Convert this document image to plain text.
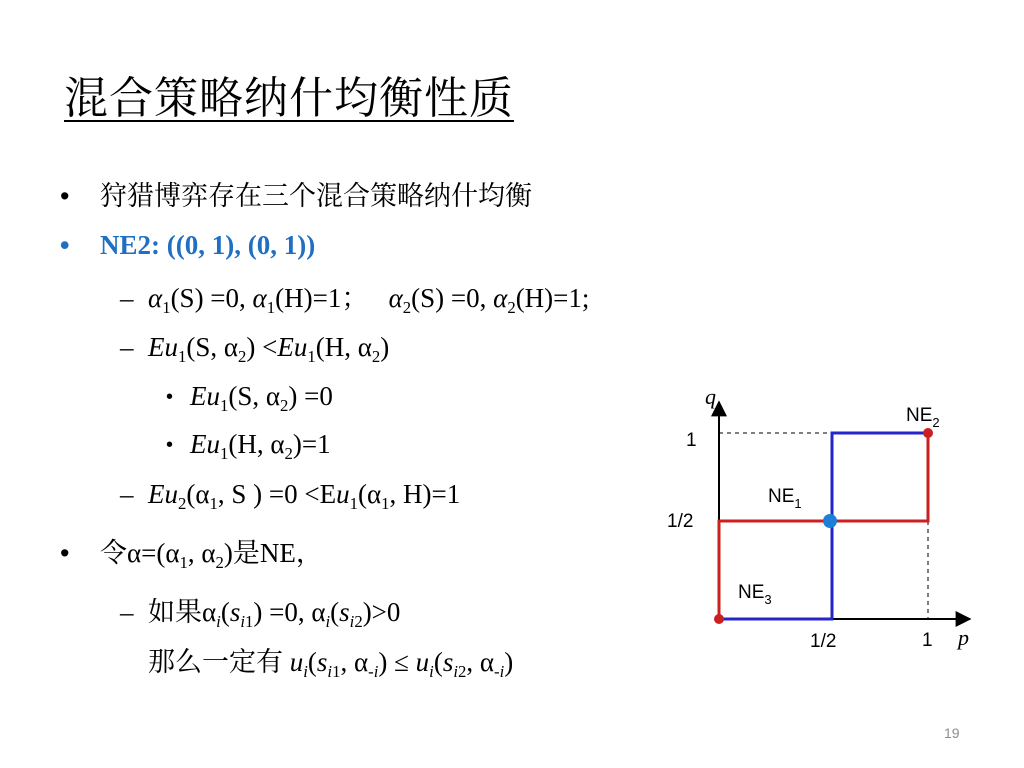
混合策略纳什均衡性质
• 狩猎博弈存在三个混合策略纳什均衡
• NE2: ((0, 1), (0, 1))
– $\alpha_1(S) =0$, $\alpha_1(H)=1$；   $\alpha_2(S) =0$, $\alpha_2(H)=1$;
– $Eu_1(S$, $\alpha_2) <Eu_1(H$, $\alpha_2$)
• $Eu_1(S$, $\alpha_2) =0$
• $Eu_1(H$, $\alpha_2)=1$
– $Eu_2(\alpha_1$, S ) $=0 <Eu_1(\alpha_1$, H)=1
• 令$\alpha=(\alpha_1$, $\alpha_2$)是NE，
– 如果$\alpha_i(s_{i1}) =0$, $\alpha_i(s_{i2})>0$
那么一定有 $u_i(s_{i1}$, $\alpha_{-i}) \le u_i(s_{i2}$, $\alpha_{-i}$)
q
p
1
1/2
1/2	1
$NE_2$
$NE_1$
$NE_3$
19
